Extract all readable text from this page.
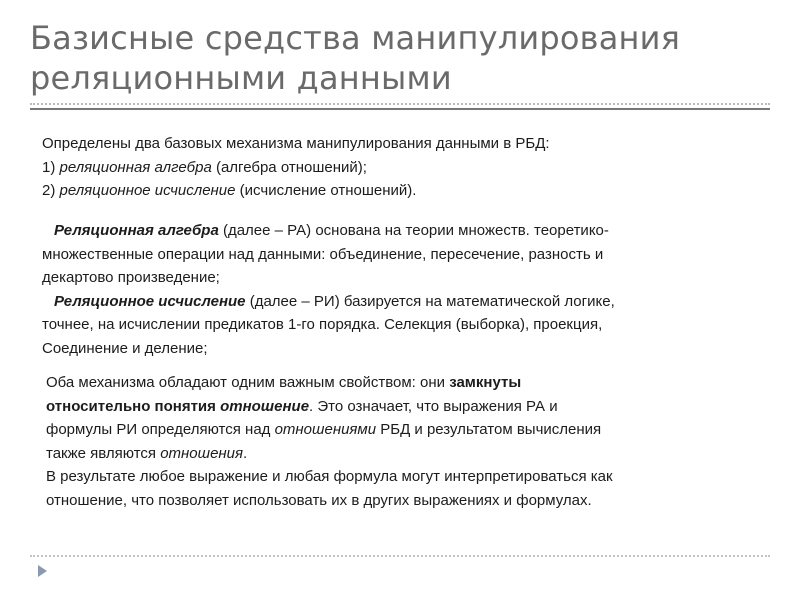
Базисные средства манипулирования
реляционными данными
Определены два базовых механизма манипулирования данными в РБД:
1) реляционная алгебра (алгебра отношений);
2) реляционное исчисление (исчисление отношений).
Реляционная алгебра (далее – РА) основана на теории множеств. теоретико-
множественные операции над данными: объединение, пересечение, разность и
декартово произведение;
Реляционное исчисление (далее – РИ) базируется на математической логике,
точнее, на исчислении предикатов 1-го порядка. Селекция (выборка), проекция,
Соединение и деление;
Оба механизма обладают одним важным свойством: они замкнуты
относительно понятия отношение. Это означает, что выражения РА и
формулы РИ определяются над отношениями РБД и результатом вычисления
также являются отношения.
В результате любое выражение и любая формула могут интерпретироваться как
отношение, что позволяет использовать их в других выражениях и формулах.
